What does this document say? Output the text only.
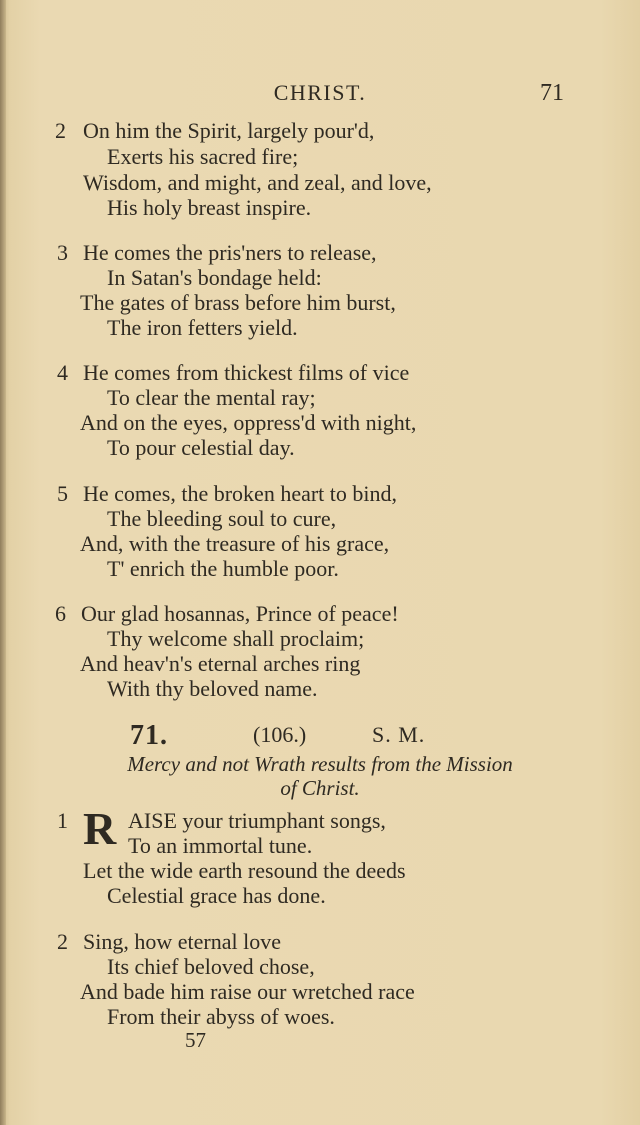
CHRIST.	71
2 On him the Spirit, largely pour'd,
Exerts his sacred fire;
Wisdom, and might, and zeal, and love,
His holy breast inspire.
3 He comes the pris'ners to release,
In Satan's bondage held:
The gates of brass before him burst,
The iron fetters yield.
4 He comes from thickest films of vice
To clear the mental ray;
And on the eyes, oppress'd with night,
To pour celestial day.
5 He comes, the broken heart to bind,
The bleeding soul to cure,
And, with the treasure of his grace,
T' enrich the humble poor.
6 Our glad hosannas, Prince of peace!
Thy welcome shall proclaim;
And heav'n's eternal arches ring
With thy beloved name.
71.	(106.)	S. M.
Mercy and not Wrath results from the Mission
of Christ.
1 R AISE your triumphant songs,
To an immortal tune.
Let the wide earth resound the deeds
Celestial grace has done.
2 Sing, how eternal love
Its chief beloved chose,
And bade him raise our wretched race
From their abyss of woes.
57
